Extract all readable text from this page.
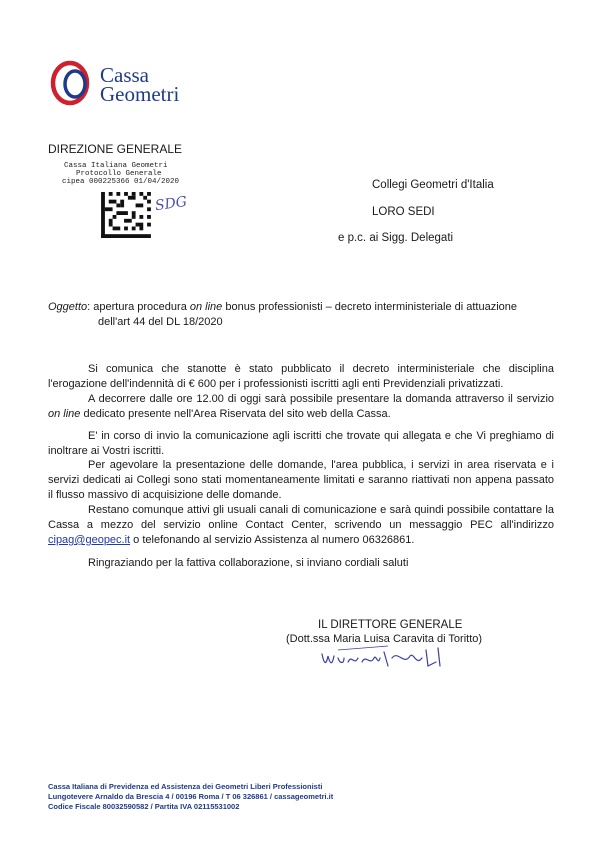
Cassa
Geometri
DIREZIONE GENERALE
Cassa Italiana Geometri
Protocollo Generale
cipea 000225366 01/04/2020
SDG
Collegi Geometri d'Italia
LORO SEDI
e p.c. ai Sigg. Delegati
Oggetto: apertura procedura on line bonus professionisti – decreto interministeriale di attuazione
dell'art 44 del DL 18/2020
Si comunica che stanotte è stato pubblicato il decreto interministeriale che disciplina l'erogazione dell'indennità di € 600 per i professionisti iscritti agli enti Previdenziali privatizzati.
A decorrere dalle ore 12.00 di oggi sarà possibile presentare la domanda attraverso il servizio on line dedicato presente nell'Area Riservata del sito web della Cassa.
E' in corso di invio la comunicazione agli iscritti che trovate qui allegata e che Vi preghiamo di inoltrare ai Vostri iscritti.
Per agevolare la presentazione delle domande, l'area pubblica, i servizi in area riservata e i servizi dedicati ai Collegi sono stati momentaneamente limitati e saranno riattivati non appena passato il flusso massivo di acquisizione delle domande.
Restano comunque attivi gli usuali canali di comunicazione e sarà quindi possibile contattare la Cassa a mezzo del servizio online Contact Center, scrivendo un messaggio PEC all'indirizzo cipag@geopec.it o telefonando al servizio Assistenza al numero 06326861.
Ringraziando per la fattiva collaborazione, si inviano cordiali saluti
IL DIRETTORE GENERALE
(Dott.ssa Maria Luisa Caravita di Toritto)
Cassa Italiana di Previdenza ed Assistenza dei Geometri Liberi Professionisti
Lungotevere Arnaldo da Brescia 4 / 00196 Roma / T 06 326861 / cassageometri.it
Codice Fiscale 80032590582 / Partita IVA 02115531002
